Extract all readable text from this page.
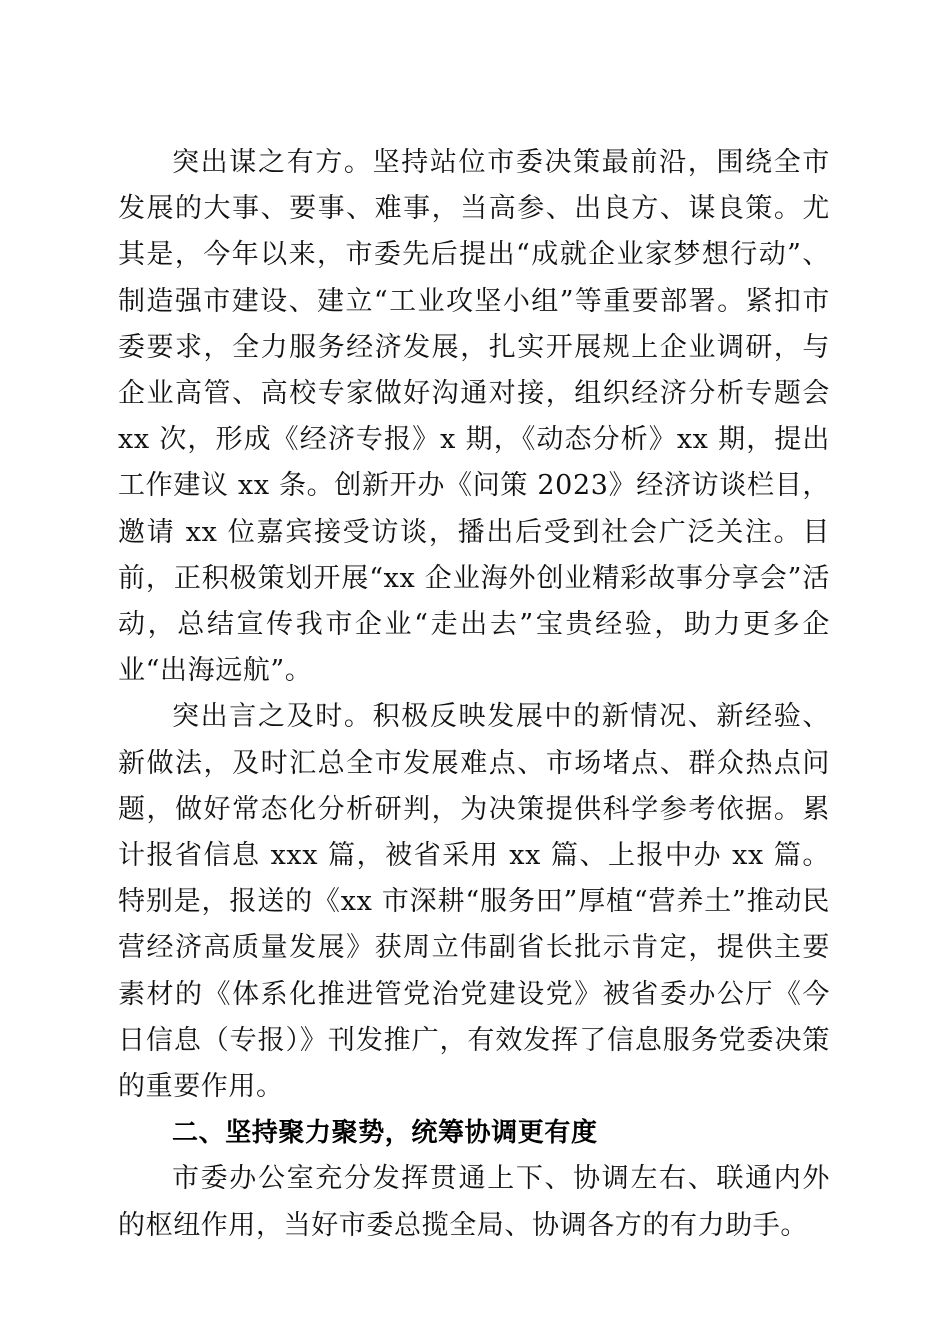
突出谋之有方。坚持站位市委决策最前沿，围绕全市发展的大事、要事、难事，当高参、出良方、谋良策。尤其是，今年以来，市委先后提出“成就企业家梦想行动”、制造强市建设、建立“工业攻坚小组”等重要部署。紧扣市委要求，全力服务经济发展，扎实开展规上企业调研，与企业高管、高校专家做好沟通对接，组织经济分析专题会 xx 次，形成《经济专报》x 期，《动态分析》xx 期，提出工作建议 xx 条。创新开办《问策 2023》经济访谈栏目，邀请 xx 位嘉宾接受访谈，播出后受到社会广泛关注。目前，正积极策划开展“xx 企业海外创业精彩故事分享会”活动，总结宣传我市企业“走出去”宝贵经验，助力更多企业“出海远航”。

突出言之及时。积极反映发展中的新情况、新经验、新做法，及时汇总全市发展难点、市场堵点、群众热点问题，做好常态化分析研判，为决策提供科学参考依据。累计报省信息 xxx 篇，被省采用 xx 篇、上报中办 xx 篇。特别是，报送的《xx 市深耕“服务田”厚植“营养土”推动民营经济高质量发展》获周立伟副省长批示肯定，提供主要素材的《体系化推进管党治党建设党》被省委办公厅《今日信息（专报）》刊发推广，有效发挥了信息服务党委决策的重要作用。

二、坚持聚力聚势，统筹协调更有度

市委办公室充分发挥贯通上下、协调左右、联通内外的枢纽作用，当好市委总揽全局、协调各方的有力助手。
